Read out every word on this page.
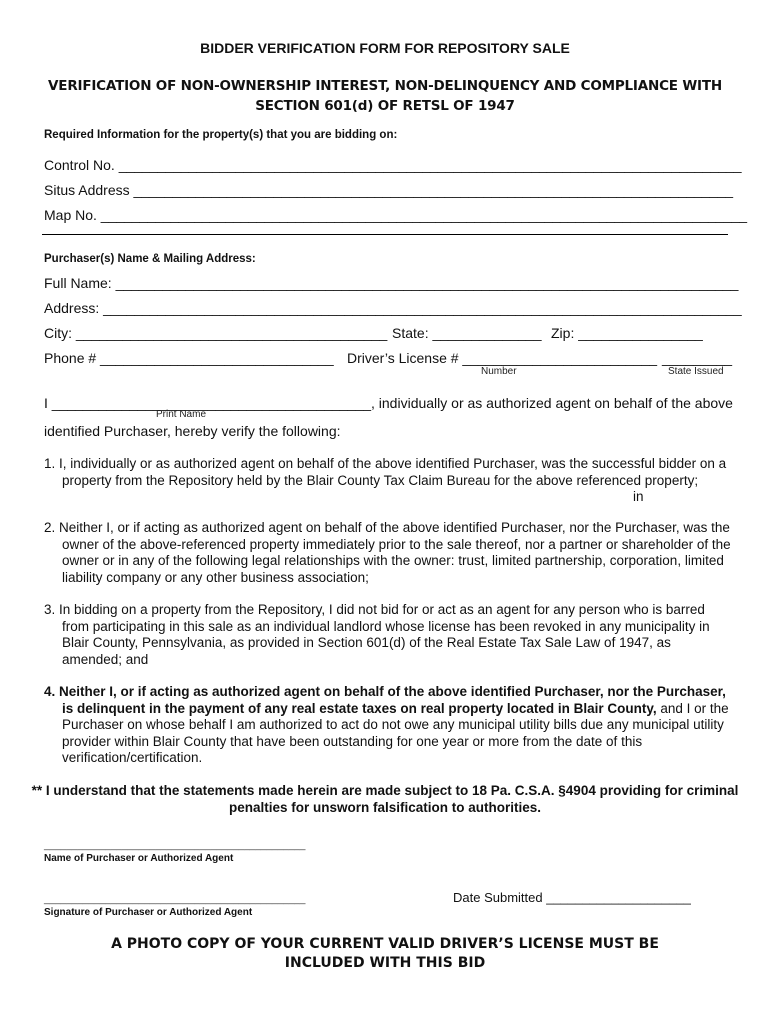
BIDDER VERIFICATION FORM FOR REPOSITORY SALE
VERIFICATION OF NON-OWNERSHIP INTEREST, NON-DELINQUENCY AND COMPLIANCE WITH
SECTION 601(d) OF RETSL OF 1947
Required Information for the property(s) that you are bidding on:
Control No. ________________________________________________________________________________
Situs Address _____________________________________________________________________________
Map No. ___________________________________________________________________________________
Purchaser(s) Name & Mailing Address:
Full Name: ________________________________________________________________________________
Address: __________________________________________________________________________________
City: ________________________________________ State: ______________ Zip: ________________
Phone # ______________________________ Driver’s License # _________________________ _________
Number	State Issued
I _________________________________________, individually or as authorized agent on behalf of the above
Print Name
identified Purchaser, hereby verify the following:
1. I, individually or as authorized agent on behalf of the above identified Purchaser, was the successful bidder on a property from the Repository held by the Blair County Tax Claim Bureau for the above referenced property;
in
2. Neither I, or if acting as authorized agent on behalf of the above identified Purchaser, nor the Purchaser, was the owner of the above-referenced property immediately prior to the sale thereof, nor a partner or shareholder of the owner or in any of the following legal relationships with the owner: trust, limited partnership, corporation, limited liability company or any other business association;
3. In bidding on a property from the Repository, I did not bid for or act as an agent for any person who is barred from participating in this sale as an individual landlord whose license has been revoked in any municipality in Blair County, Pennsylvania, as provided in Section 601(d) of the Real Estate Tax Sale Law of 1947, as amended; and
4. Neither I, or if acting as authorized agent on behalf of the above identified Purchaser, nor the Purchaser, is delinquent in the payment of any real estate taxes on real property located in Blair County, and I or the Purchaser on whose behalf I am authorized to act do not owe any municipal utility bills due any municipal utility provider within Blair County that have been outstanding for one year or more from the date of this verification/certification.
** I understand that the statements made herein are made subject to 18 Pa. C.S.A. §4904 providing for criminal penalties for unsworn falsification to authorities.
_______________________________________________
Name of Purchaser or Authorized Agent
_______________________________________________
Signature of Purchaser or Authorized Agent
Date Submitted ____________________
A PHOTO COPY OF YOUR CURRENT VALID DRIVER’S LICENSE MUST BE
INCLUDED WITH THIS BID
